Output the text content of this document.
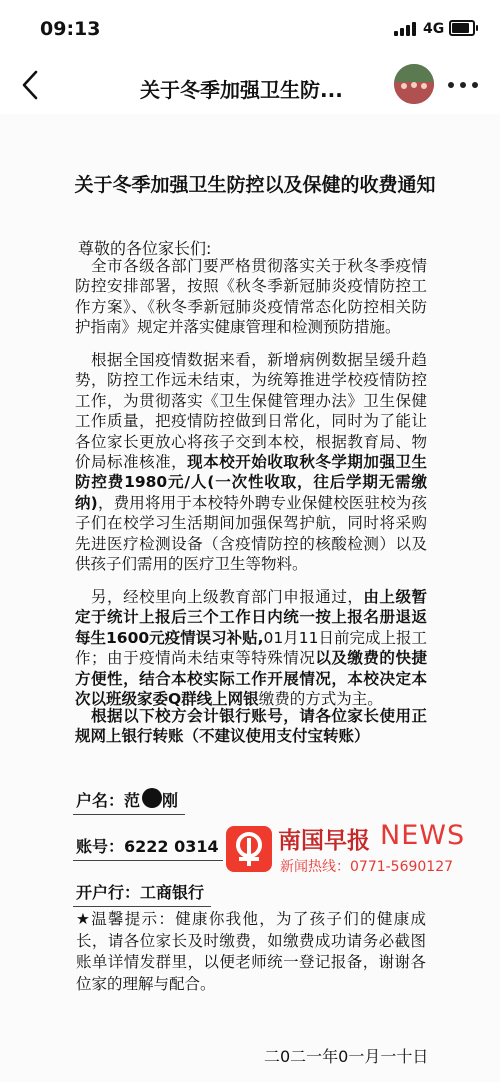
09:13	4G
关于冬季加强卫生防...
关于冬季加强卫生防控以及保健的收费通知
尊敬的各位家长们:
 全市各级各部门要严格贯彻落实关于秋冬季疫情防控安排部署，按照《秋冬季新冠肺炎疫情防控工作方案》、《秋冬季新冠肺炎疫情常态化防控相关防护指南》规定并落实健康管理和检测预防措施。
 根据全国疫情数据来看，新增病例数据呈缓升趋势，防控工作远未结束，为统筹推进学校疫情防控工作，为贯彻落实《卫生保健管理办法》卫生保健工作质量，把疫情防控做到日常化，同时为了能让各位家长更放心将孩子交到本校，根据教育局、物价局标准核准，现本校开始收取秋冬学期加强卫生防控费1980元/人(一次性收取，往后学期无需缴纳)，费用将用于本校特外聘专业保健校医驻校为孩子们在校学习生活期间加强保驾护航，同时将采购先进医疗检测设备（含疫情防控的核酸检测）以及供孩子们需用的医疗卫生等物料。
 另，经校里向上级教育部门申报通过，由上级暂定于统计上报后三个工作日内统一按上报名册退返每生1600元疫情误习补贴,01月11日前完成上报工作；由于疫情尚未结束等特殊情况以及缴费的快捷方便性，结合本校实际工作开展情况，本校决定本次以班级家委Q群线上网银缴费的方式为主。
 根据以下校方会计银行账号，请各位家长使用正规网上银行转账（不建议使用支付宝转账）
户名：范 刚
账号：6222 0314
开户行：工商银行
南国早报 NEWS
新闻热线：0771-5690127
★温馨提示：健康你我他，为了孩子们的健康成长，请各位家长及时缴费，如缴费成功请务必截图账单详情发群里，以便老师统一登记报备，谢谢各位家的理解与配合。
二0二一年0一月一十日
